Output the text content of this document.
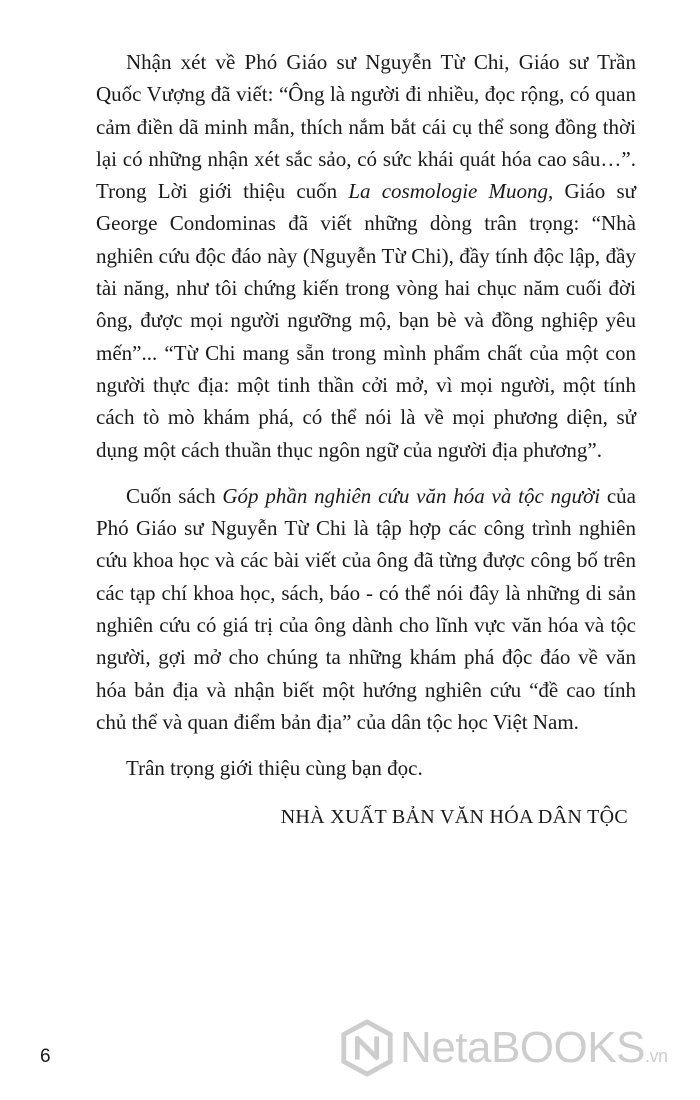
Nhận xét về Phó Giáo sư Nguyễn Từ Chi, Giáo sư Trần Quốc Vượng đã viết: “Ông là người đi nhiều, đọc rộng, có quan cảm điền dã minh mẫn, thích nắm bắt cái cụ thể song đồng thời lại có những nhận xét sắc sảo, có sức khái quát hóa cao sâu…”. Trong Lời giới thiệu cuốn La cosmologie Muong, Giáo sư George Condominas đã viết những dòng trân trọng: “Nhà nghiên cứu độc đáo này (Nguyễn Từ Chi), đầy tính độc lập, đầy tài năng, như tôi chứng kiến trong vòng hai chục năm cuối đời ông, được mọi người ngưỡng mộ, bạn bè và đồng nghiệp yêu mến”... “Từ Chi mang sẵn trong mình phẩm chất của một con người thực địa: một tinh thần cởi mở, vì mọi người, một tính cách tò mò khám phá, có thể nói là về mọi phương diện, sử dụng một cách thuần thục ngôn ngữ của người địa phương”.

Cuốn sách Góp phần nghiên cứu văn hóa và tộc người của Phó Giáo sư Nguyễn Từ Chi là tập hợp các công trình nghiên cứu khoa học và các bài viết của ông đã từng được công bố trên các tạp chí khoa học, sách, báo - có thể nói đây là những di sản nghiên cứu có giá trị của ông dành cho lĩnh vực văn hóa và tộc người, gợi mở cho chúng ta những khám phá độc đáo về văn hóa bản địa và nhận biết một hướng nghiên cứu “đề cao tính chủ thể và quan điểm bản địa” của dân tộc học Việt Nam.

Trân trọng giới thiệu cùng bạn đọc.

NHÀ XUẤT BẢN VĂN HÓA DÂN TỘC

6	NetaBOOKS.vn
